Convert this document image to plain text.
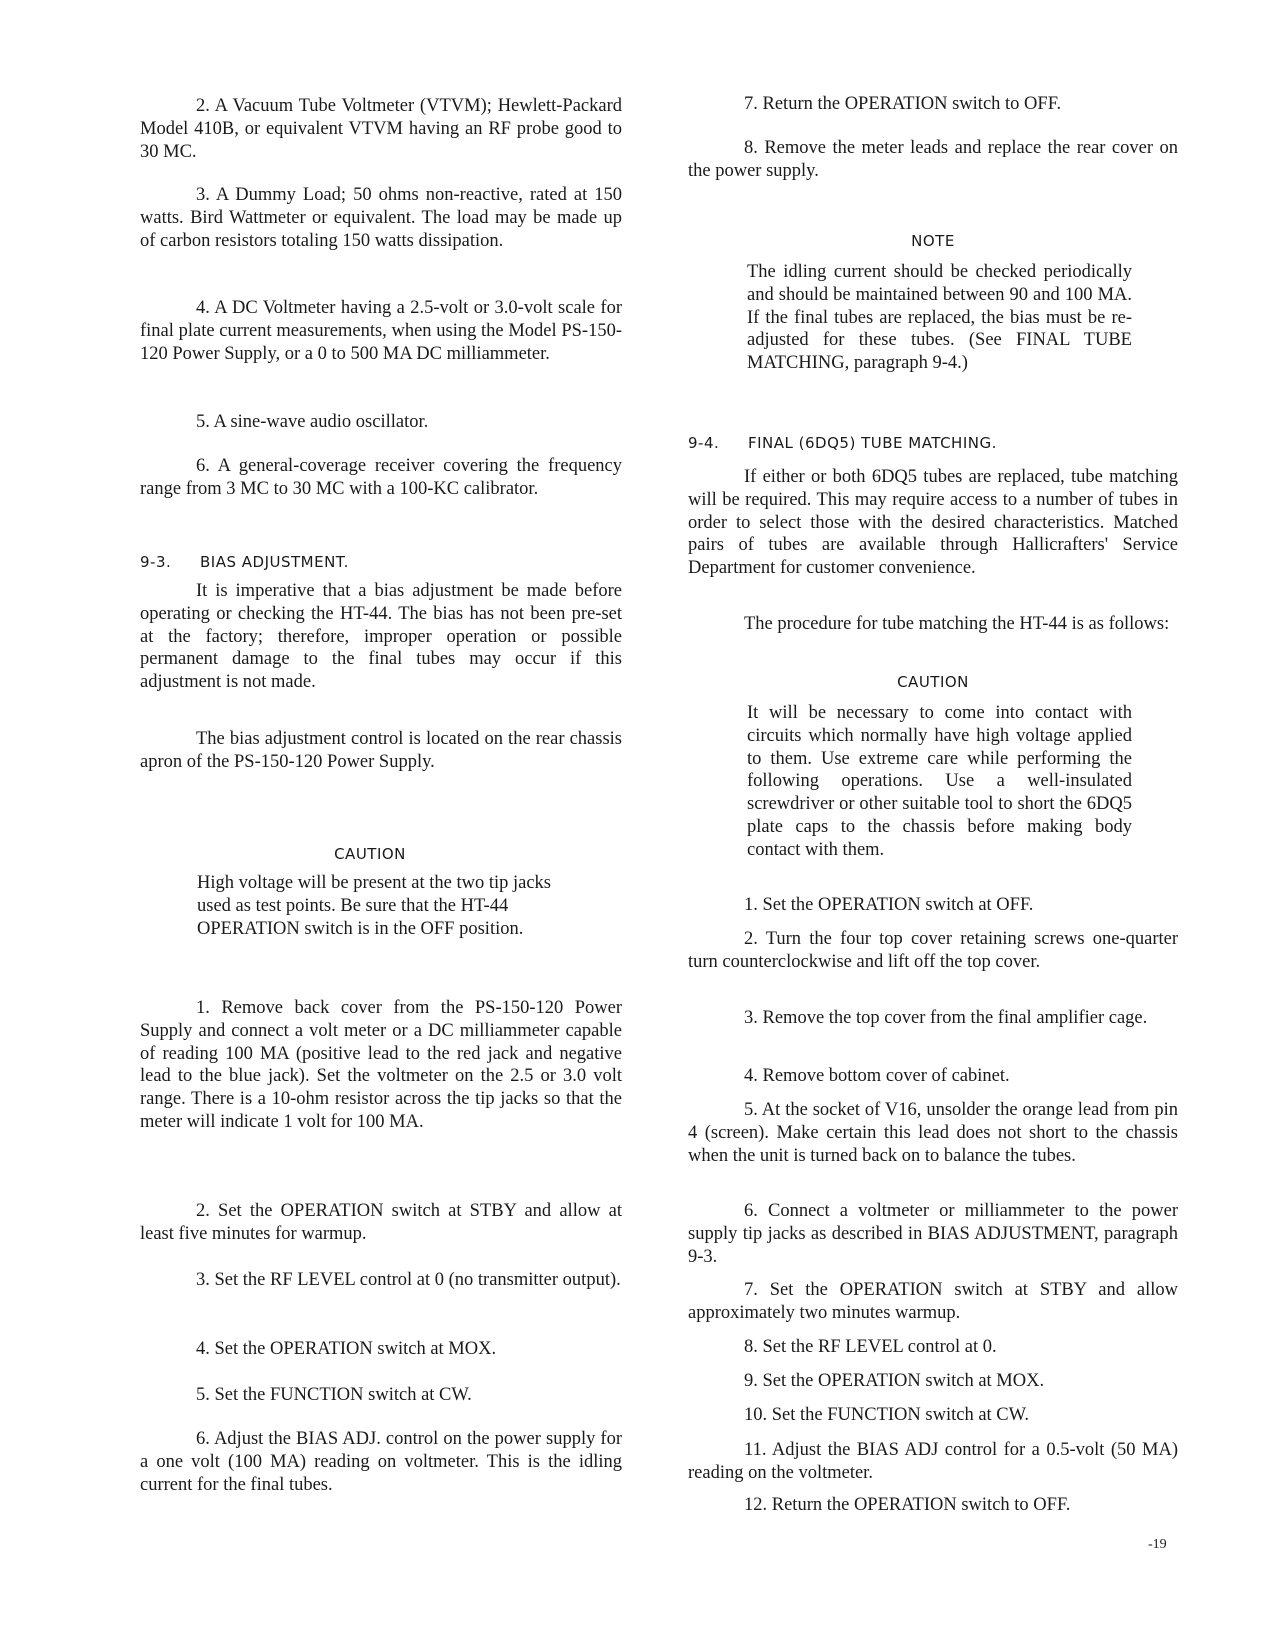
2. A Vacuum Tube Voltmeter (VTVM); Hewlett-Packard Model 410B, or equivalent VTVM having an RF probe good to 30 MC.

3. A Dummy Load; 50 ohms non-reactive, rated at 150 watts. Bird Wattmeter or equivalent. The load may be made up of carbon resistors totaling 150 watts dissipation.

4. A DC Voltmeter having a 2.5-volt or 3.0-volt scale for final plate current measurements, when using the Model PS-150-120 Power Supply, or a 0 to 500 MA DC milliammeter.

5. A sine-wave audio oscillator.

6. A general-coverage receiver covering the frequency range from 3 MC to 30 MC with a 100-KC calibrator.

9-3. BIAS ADJUSTMENT.

It is imperative that a bias adjustment be made before operating or checking the HT-44. The bias has not been pre-set at the factory; therefore, improper operation or possible permanent damage to the final tubes may occur if this adjustment is not made.

The bias adjustment control is located on the rear chassis apron of the PS-150-120 Power Supply.

CAUTION

High voltage will be present at the two tip jacks used as test points. Be sure that the HT-44 OPERATION switch is in the OFF position.

1. Remove back cover from the PS-150-120 Power Supply and connect a volt meter or a DC milliammeter capable of reading 100 MA (positive lead to the red jack and negative lead to the blue jack). Set the voltmeter on the 2.5 or 3.0 volt range. There is a 10-ohm resistor across the tip jacks so that the meter will indicate 1 volt for 100 MA.

2. Set the OPERATION switch at STBY and allow at least five minutes for warmup.

3. Set the RF LEVEL control at 0 (no transmitter output).

4. Set the OPERATION switch at MOX.

5. Set the FUNCTION switch at CW.

6. Adjust the BIAS ADJ. control on the power supply for a one volt (100 MA) reading on voltmeter. This is the idling current for the final tubes.

7. Return the OPERATION switch to OFF.

8. Remove the meter leads and replace the rear cover on the power supply.

NOTE

The idling current should be checked periodically and should be maintained between 90 and 100 MA. If the final tubes are replaced, the bias must be re-adjusted for these tubes. (See FINAL TUBE MATCHING, paragraph 9-4.)

9-4. FINAL (6DQ5) TUBE MATCHING.

If either or both 6DQ5 tubes are replaced, tube matching will be required. This may require access to a number of tubes in order to select those with the desired characteristics. Matched pairs of tubes are available through Hallicrafters' Service Department for customer convenience.

The procedure for tube matching the HT-44 is as follows:

CAUTION

It will be necessary to come into contact with circuits which normally have high voltage applied to them. Use extreme care while performing the following operations. Use a well-insulated screwdriver or other suitable tool to short the 6DQ5 plate caps to the chassis before making body contact with them.

1. Set the OPERATION switch at OFF.

2. Turn the four top cover retaining screws one-quarter turn counterclockwise and lift off the top cover.

3. Remove the top cover from the final amplifier cage.

4. Remove bottom cover of cabinet.

5. At the socket of V16, unsolder the orange lead from pin 4 (screen). Make certain this lead does not short to the chassis when the unit is turned back on to balance the tubes.

6. Connect a voltmeter or milliammeter to the power supply tip jacks as described in BIAS ADJUSTMENT, paragraph 9-3.

7. Set the OPERATION switch at STBY and allow approximately two minutes warmup.

8. Set the RF LEVEL control at 0.

9. Set the OPERATION switch at MOX.

10. Set the FUNCTION switch at CW.

11. Adjust the BIAS ADJ control for a 0.5-volt (50 MA) reading on the voltmeter.

12. Return the OPERATION switch to OFF.

-19
